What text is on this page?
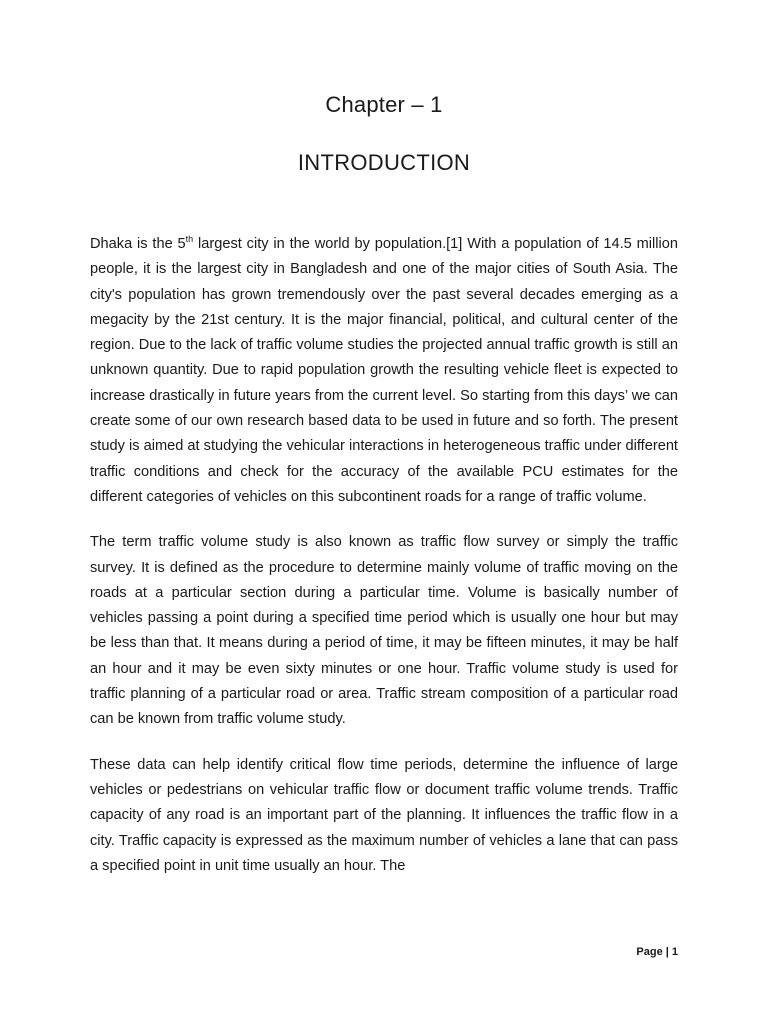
Chapter – 1
INTRODUCTION

Dhaka is the 5th largest city in the world by population.[1] With a population of 14.5 million people, it is the largest city in Bangladesh and one of the major cities of South Asia. The city's population has grown tremendously over the past several decades emerging as a megacity by the 21st century. It is the major financial, political, and cultural center of the region. Due to the lack of traffic volume studies the projected annual traffic growth is still an unknown quantity. Due to rapid population growth the resulting vehicle fleet is expected to increase drastically in future years from the current level. So starting from this days’ we can create some of our own research based data to be used in future and so forth. The present study is aimed at studying the vehicular interactions in heterogeneous traffic under different traffic conditions and check for the accuracy of the available PCU estimates for the different categories of vehicles on this subcontinent roads for a range of traffic volume.

The term traffic volume study is also known as traffic flow survey or simply the traffic survey. It is defined as the procedure to determine mainly volume of traffic moving on the roads at a particular section during a particular time. Volume is basically number of vehicles passing a point during a specified time period which is usually one hour but may be less than that. It means during a period of time, it may be fifteen minutes, it may be half an hour and it may be even sixty minutes or one hour. Traffic volume study is used for traffic planning of a particular road or area. Traffic stream composition of a particular road can be known from traffic volume study.

These data can help identify critical flow time periods, determine the influence of large vehicles or pedestrians on vehicular traffic flow or document traffic volume trends. Traffic capacity of any road is an important part of the planning. It influences the traffic flow in a city. Traffic capacity is expressed as the maximum number of vehicles a lane that can pass a specified point in unit time usually an hour. The

Page | 1
